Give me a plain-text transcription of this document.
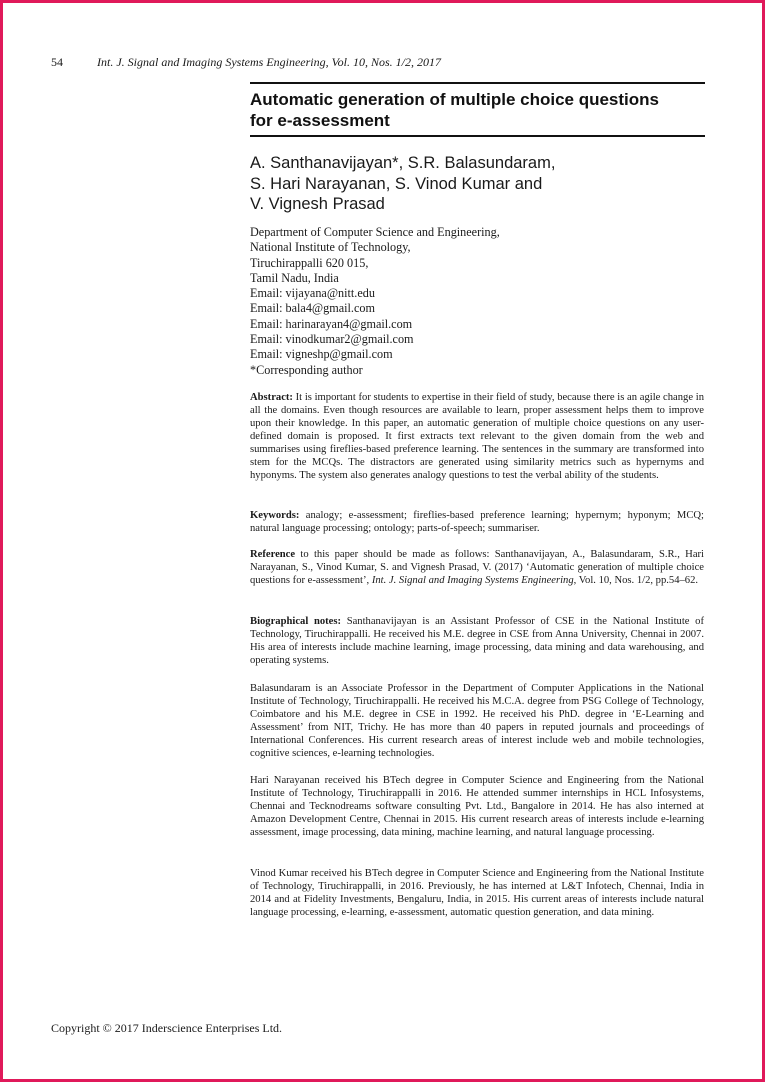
54	Int. J. Signal and Imaging Systems Engineering, Vol. 10, Nos. 1/2, 2017
Automatic generation of multiple choice questions
for e-assessment
A. Santhanavijayan*, S.R. Balasundaram,
S. Hari Narayanan, S. Vinod Kumar and
V. Vignesh Prasad
Department of Computer Science and Engineering,
National Institute of Technology,
Tiruchirappalli 620 015,
Tamil Nadu, India
Email: vijayana@nitt.edu
Email: bala4@gmail.com
Email: harinarayan4@gmail.com
Email: vinodkumar2@gmail.com
Email: vigneshp@gmail.com
*Corresponding author

Abstract: It is important for students to expertise in their field of study, because there is an agile change in all the domains. Even though resources are available to learn, proper assessment helps them to improve upon their knowledge. In this paper, an automatic generation of multiple choice questions on any user-defined domain is proposed. It first extracts text relevant to the given domain from the web and summarises using fireflies-based preference learning. The sentences in the summary are transformed into stem for the MCQs. The distractors are generated using similarity metrics such as hypernyms and hyponyms. The system also generates analogy questions to test the verbal ability of the students.

Keywords: analogy; e-assessment; fireflies-based preference learning; hypernym; hyponym; MCQ; natural language processing; ontology; parts-of-speech; summariser.

Reference to this paper should be made as follows: Santhanavijayan, A., Balasundaram, S.R., Hari Narayanan, S., Vinod Kumar, S. and Vignesh Prasad, V. (2017) ‘Automatic generation of multiple choice questions for e-assessment’, Int. J. Signal and Imaging Systems Engineering, Vol. 10, Nos. 1/2, pp.54–62.

Biographical notes: Santhanavijayan is an Assistant Professor of CSE in the National Institute of Technology, Tiruchirappalli. He received his M.E. degree in CSE from Anna University, Chennai in 2007. His area of interests include machine learning, image processing, data mining and data warehousing, and operating systems.

Balasundaram is an Associate Professor in the Department of Computer Applications in the National Institute of Technology, Tiruchirappalli. He received his M.C.A. degree from PSG College of Technology, Coimbatore and his M.E. degree in CSE in 1992. He received his PhD. degree in ‘E-Learning and Assessment’ from NIT, Trichy. He has more than 40 papers in reputed journals and proceedings of International Conferences. His current research areas of interest include web and mobile technologies, cognitive sciences, e-learning technologies.

Hari Narayanan received his BTech degree in Computer Science and Engineering from the National Institute of Technology, Tiruchirappalli in 2016. He attended summer internships in HCL Infosystems, Chennai and Tecknodreams software consulting Pvt. Ltd., Bangalore in 2014. He has also interned at Amazon Development Centre, Chennai in 2015. His current research areas of interests include e-learning assessment, image processing, data mining, machine learning, and natural language processing.

Vinod Kumar received his BTech degree in Computer Science and Engineering from the National Institute of Technology, Tiruchirappalli, in 2016. Previously, he has interned at L&T Infotech, Chennai, India in 2014 and at Fidelity Investments, Bengaluru, India, in 2015. His current areas of interests include natural language processing, e-learning, e-assessment, automatic question generation, and data mining.

Copyright © 2017 Inderscience Enterprises Ltd.
